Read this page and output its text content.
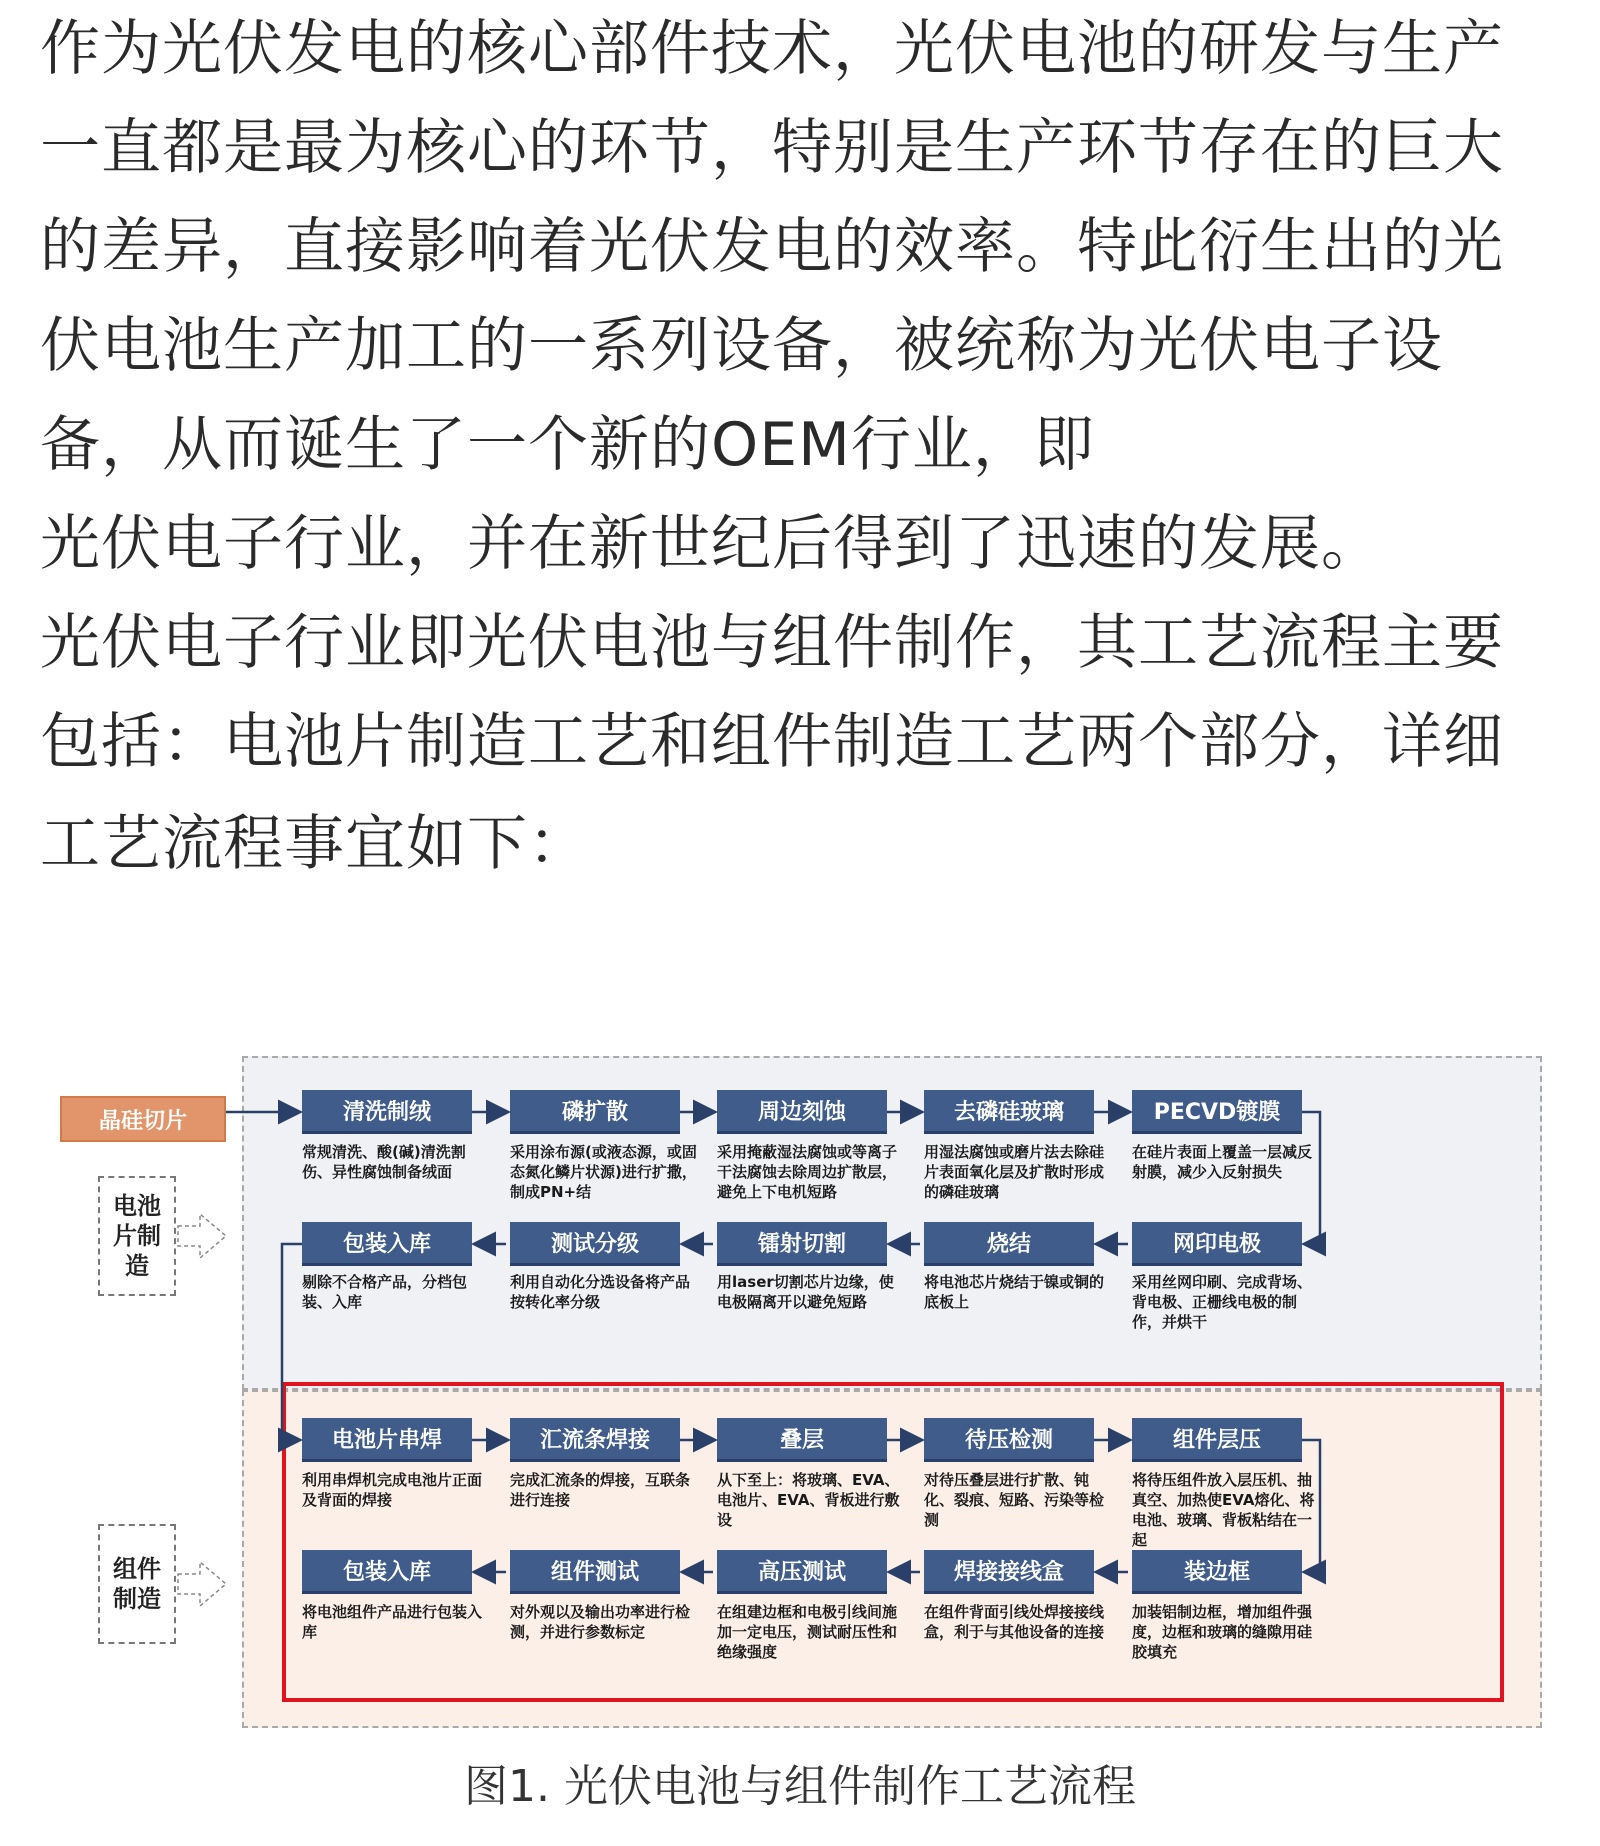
作为光伏发电的核心部件技术，光伏电池的研发与生产
一直都是最为核心的环节，特别是生产环节存在的巨大
的差异，直接影响着光伏发电的效率。特此衍生出的光
伏电池生产加工的一系列设备，被统称为光伏电子设
备，从而诞生了一个新的OEM行业，即
光伏电子行业，并在新世纪后得到了迅速的发展。

光伏电子行业即光伏电池与组件制作，其工艺流程主要
包括：电池片制造工艺和组件制造工艺两个部分，详细

工艺流程事宜如下：

晶硅切片
电池
片制
造
组件
制造
清洗制绒
常规清洗、酸(碱)清洗割伤、异性腐蚀制备绒面
磷扩散
采用涂布源(或液态源，或固态氮化鳞片状源)进行扩撒，制成PN+结
周边刻蚀
采用掩蔽湿法腐蚀或等离子干法腐蚀去除周边扩散层，避免上下电机短路
去磷硅玻璃
用湿法腐蚀或磨片法去除硅片表面氧化层及扩散时形成的磷硅玻璃
PECVD镀膜
在硅片表面上覆盖一层减反射膜，减少入反射损失
包装入库
剔除不合格产品，分档包装、入库
测试分级
利用自动化分选设备将产品按转化率分级
镭射切割
用laser切割芯片边缘，使电极隔离开以避免短路
烧结
将电池芯片烧结于镍或铜的底板上
网印电极
采用丝网印刷、完成背场、背电极、正栅线电极的制作，并烘干
电池片串焊
利用串焊机完成电池片正面及背面的焊接
汇流条焊接
完成汇流条的焊接，互联条进行连接
叠层
从下至上：将玻璃、EVA、电池片、EVA、背板进行敷设
待压检测
对待压叠层进行扩散、钝化、裂痕、短路、污染等检测
组件层压
将待压组件放入层压机、抽真空、加热使EVA熔化、将电池、玻璃、背板粘结在一起
包装入库
将电池组件产品进行包装入库
组件测试
对外观以及输出功率进行检测，并进行参数标定
高压测试
在组建边框和电极引线间施加一定电压，测试耐压性和绝缘强度
焊接接线盒
在组件背面引线处焊接接线盒，利于与其他设备的连接
装边框
加装铝制边框，增加组件强度，边框和玻璃的缝隙用硅胶填充
图1. 光伏电池与组件制作工艺流程
